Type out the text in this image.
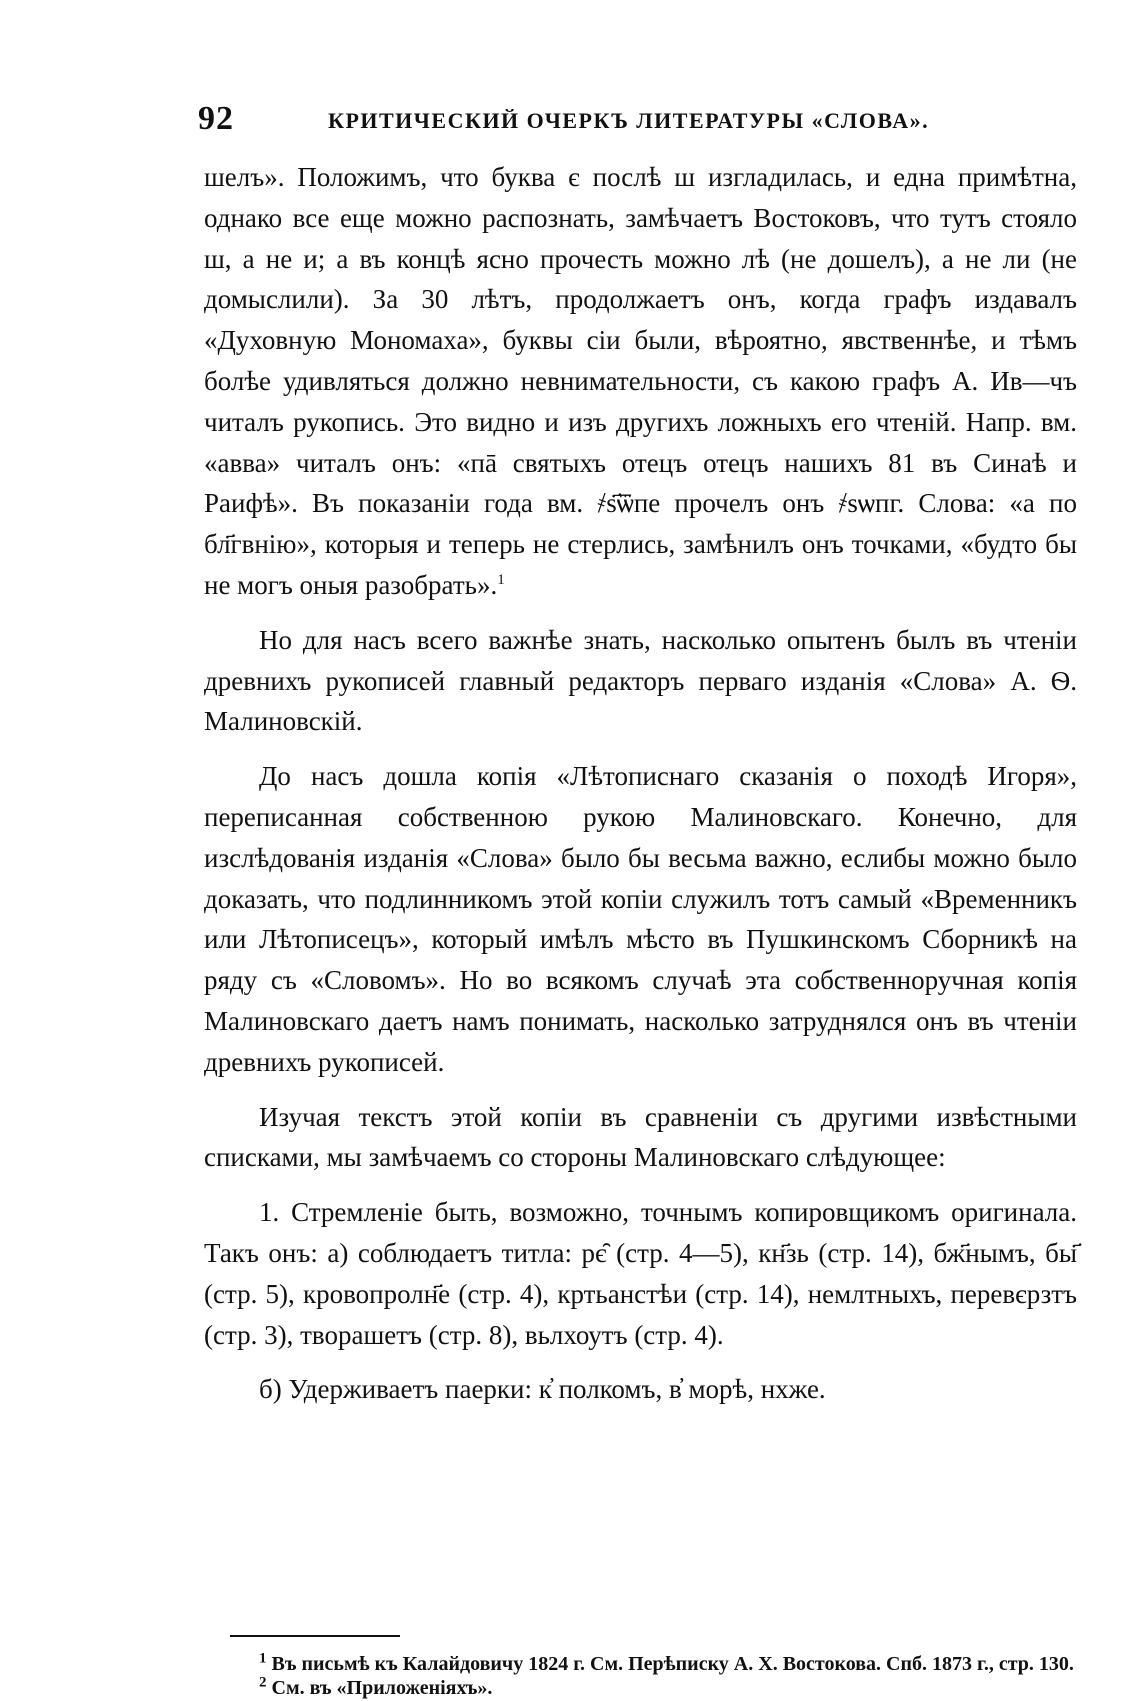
92	КРИТИЧЕСКИЙ ОЧЕРКЪ ЛИТЕРАТУРЫ «СЛОВА».

шелъ». Положимъ, что буква є послѣ ш изгладилась, и една примѣтна, однако все еще можно распознать, замѣчаетъ Востоковъ, что тутъ стояло ш, а не и; а въ концѣ ясно прочесть можно лѣ (не дошелъ), а не ли (не домыслили). За 30 лѣтъ, продолжаетъ онъ, когда графъ издавалъ «Духовную Мономаха», буквы сіи были, вѣроятно, явственнѣе, и тѣмъ болѣе удивляться должно невнимательности, съ какою графъ А. Ив—чъ читалъ рукопись. Это видно и изъ другихъ ложныхъ его чтеній. Напр. вм. «авва» читалъ онъ: «пā святыхъ отецъ отецъ нашихъ 81 въ Синаѣ и Раифѣ». Въ показаніи года вм. ҂ѕ҃ѿпе прочелъ онъ ҂ѕѡпг. Слова: «а по бл҃гвнію», которыя и теперь не стерлись, замѣнилъ онъ точками, «будто бы не могъ оныя разобрать».$^1$

Но для насъ всего важнѣе знать, насколько опытенъ былъ въ чтеніи древнихъ рукописей главный редакторъ перваго изданія «Слова» А. Ѳ. Малиновскій.

До насъ дошла копія «Лѣтописнаго сказанія о походѣ Игоря», переписанная собственною рукою Малиновскаго. Конечно, для изслѣдованія изданія «Слова» было бы весьма важно, еслибы можно было доказать, что подлинникомъ этой копіи служилъ тотъ самый «Временникъ или Лѣтописецъ», который имѣлъ мѣсто въ Пушкинскомъ Сборникѣ на ряду съ «Словомъ». Но во всякомъ случаѣ эта собственноручная копія Малиновскаго даетъ намъ понимать, насколько затруднялся онъ въ чтеніи древнихъ рукописей.

Изучая текстъ этой копіи въ сравненіи съ другими извѣстными списками, мы замѣчаемъ со стороны Малиновскаго слѣдующее:

1. Стремленіе быть, возможно, точнымъ копировщикомъ оригинала. Такъ онъ: а) соблюдаетъ титла: рє̑ (стр. 4—5), кн҃зь (стр. 14), бж҃нымъ, бы҃ (стр. 5), кровопролн҃е (стр. 4), кртьанстѣи (стр. 14), немлтныхъ, перевєрзтъ (стр. 3), творашетъ (стр. 8), вьлхоутъ (стр. 4).

б) Удерживаетъ паерки: к҆ полкомъ, в҆ морѣ, нхже.

$^1$ Въ письмѣ къ Калайдовичу 1824 г. См. Перѣписку А. Х. Востокова. Спб. 1873 г., стр. 130.

$^2$ См. въ «Приложеніяхъ».
